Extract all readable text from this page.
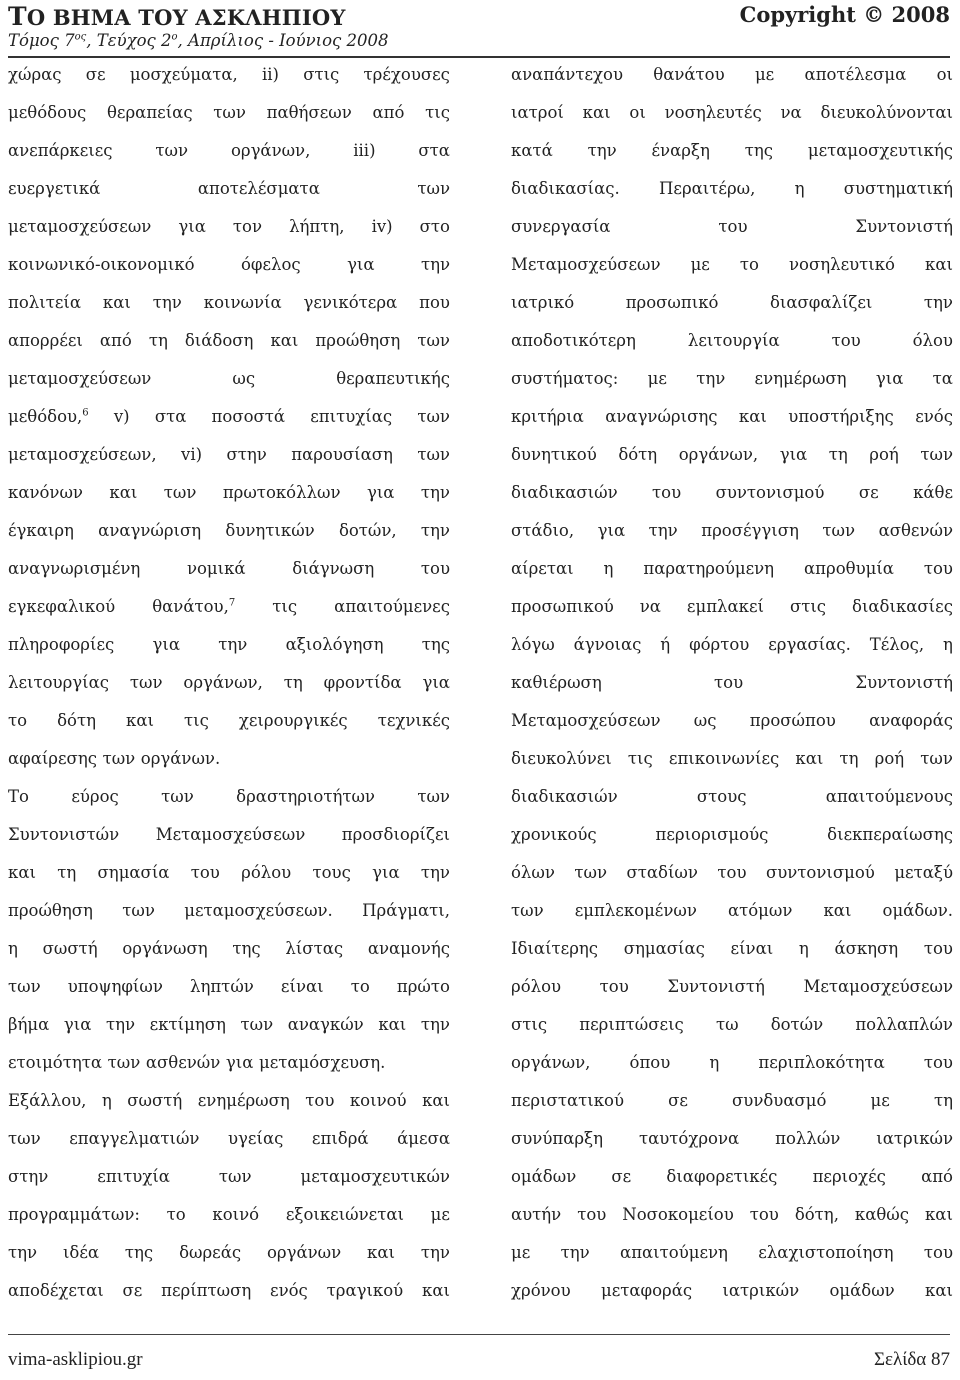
ΤΟ ΒΗΜΑ ΤΟΥ ΑΣΚΛΗΠΙΟΥ
Τόμος $7^{o\varsigma}$, Τεύχος $2^o$, Απρίλιος - Ιούνιος 2008
Copyright © 2008
χώρας σε μοσχεύματα, ii) στις τρέχουσες
μεθόδους θεραπείας των παθήσεων από τις
ανεπάρκειες	των	οργάνων,	iii)	στα
ευεργετικά	αποτελέσματα	των
μεταμοσχεύσεων για τον λήπτη, iv) στο
κοινωνικό-οικονομικό	όφελος	για	την
πολιτεία και την κοινωνία γενικότερα που
απορρέει από τη διάδοση και προώθηση των
μεταμοσχεύσεων	ως	θεραπευτικής
μεθόδου,$^6$ v) στα ποσοστά επιτυχίας των
μεταμοσχεύσεων, vi) στην παρουσίαση των
κανόνων και των πρωτοκόλλων για την
έγκαιρη αναγνώριση δυνητικών δοτών, την
αναγνωρισμένη	νομικά	διάγνωση	του
εγκεφαλικού θανάτου,$^7$ τις απαιτούμενες
πληροφορίες για την αξιολόγηση της
λειτουργίας των οργάνων, τη φροντίδα για
το δότη και τις χειρουργικές τεχνικές
αφαίρεσης των οργάνων.
Το	εύρος	των	δραστηριοτήτων	των
Συντονιστών Μεταμοσχεύσεων προσδιορίζει
και τη σημασία του ρόλου τους για την
προώθηση των μεταμοσχεύσεων. Πράγματι,
η σωστή οργάνωση της λίστας αναμονής
των υποψηφίων ληπτών είναι το πρώτο
βήμα για την εκτίμηση των αναγκών και την
ετοιμότητα των ασθενών για μεταμόσχευση.
Εξάλλου, η σωστή ενημέρωση του κοινού και
των επαγγελματιών υγείας επιδρά άμεσα
στην	επιτυχία	των	μεταμοσχευτικών
προγραμμάτων: το κοινό εξοικειώνεται με
την ιδέα της δωρεάς οργάνων και την
αποδέχεται σε περίπτωση ενός τραγικού και
αναπάντεχου θανάτου με αποτέλεσμα οι
ιατροί και οι νοσηλευτές να διευκολύνονται
κατά την έναρξη της μεταμοσχευτικής
διαδικασίας. Περαιτέρω, η συστηματική
συνεργασία	του	Συντονιστή
Μεταμοσχεύσεων με το νοσηλευτικό και
ιατρικό	προσωπικό	διασφαλίζει	την
αποδοτικότερη	λειτουργία	του	όλου
συστήματος: με την ενημέρωση για τα
κριτήρια αναγνώρισης και υποστήριξης ενός
δυνητικού δότη οργάνων, για τη ροή των
διαδικασιών του συντονισμού σε κάθε
στάδιο, για την προσέγγιση των ασθενών
αίρεται η παρατηρούμενη απροθυμία του
προσωπικού να εμπλακεί στις διαδικασίες
λόγω άγνοιας ή φόρτου εργασίας. Τέλος, η
καθιέρωση	του	Συντονιστή
Μεταμοσχεύσεων ως προσώπου αναφοράς
διευκολύνει τις επικοινωνίες και τη ροή των
διαδικασιών	στους	απαιτούμενους
χρονικούς	περιορισμούς	διεκπεραίωσης
όλων των σταδίων του συντονισμού μεταξύ
των εμπλεκομένων ατόμων και ομάδων.
Ιδιαίτερης σημασίας είναι η άσκηση του
ρόλου του Συντονιστή Μεταμοσχεύσεων
στις περιπτώσεις τω δοτών πολλαπλών
οργάνων, όπου η περιπλοκότητα του
περιστατικού	σε	συνδυασμό	με	τη
συνύπαρξη ταυτόχρονα πολλών ιατρικών
ομάδων σε διαφορετικές περιοχές από
αυτήν του Νοσοκομείου του δότη, καθώς και
με την απαιτούμενη ελαχιστοποίηση του
χρόνου μεταφοράς ιατρικών ομάδων και
vima-asklipiou.gr	Σελίδα 87
